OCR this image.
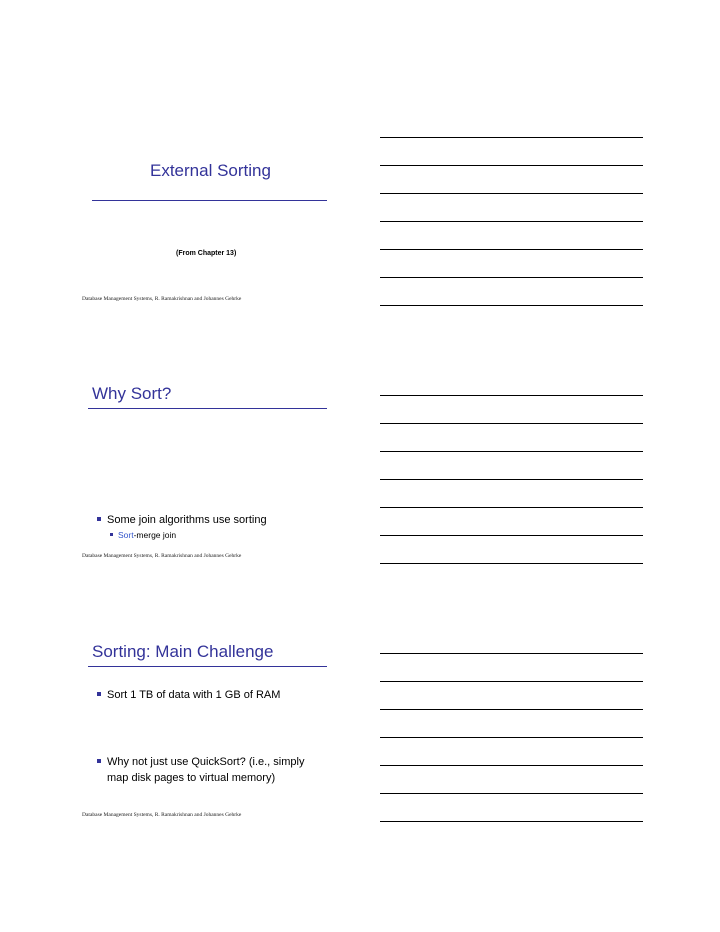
External Sorting
(From Chapter 13)
Database Management Systems, R. Ramakrishnan and Johannes Gehrke
Why Sort?
Some join algorithms use sorting
Sort-merge join
Database Management Systems, R. Ramakrishnan and Johannes Gehrke
Sorting: Main Challenge
Sort 1 TB of data with 1 GB of RAM
Why not just use QuickSort? (i.e., simply
map disk pages to virtual memory)
Database Management Systems, R. Ramakrishnan and Johannes Gehrke
